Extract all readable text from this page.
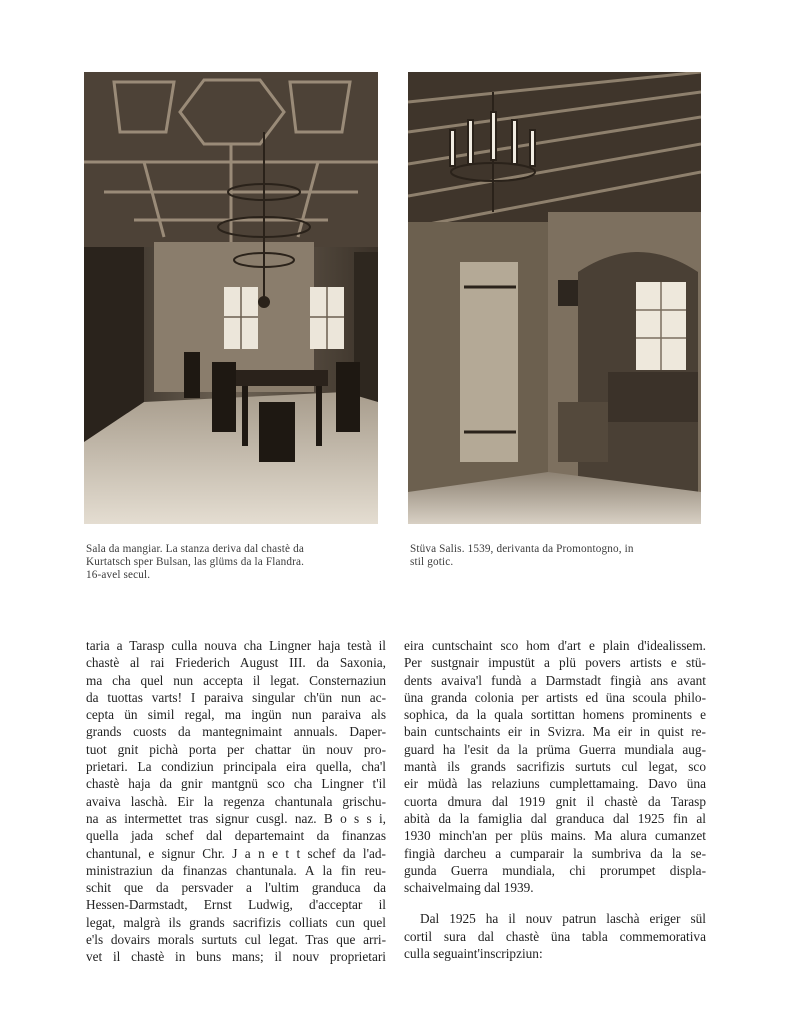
Sala da mangiar. La stanza deriva dal chastè da
Kurtatsch sper Bulsan, las glüms da la Flandra.
16-avel secul.
Stüva Salis. 1539, derivanta da Promontogno, in
stil gotic.
taria a Tarasp culla nouva cha Lingner haja testà il
chastè al rai Friederich August III. da Saxonia,
ma cha quel nun accepta il legat. Consternaziun
da tuottas varts! I paraiva singular ch'ün nun ac-
cepta ün simil regal, ma ingün nun paraiva als
grands cuosts da mantegnimaint annuals. Daper-
tuot gnit pichà porta per chattar ün nouv pro-
prietari. La condiziun principala eira quella, cha'l
chastè haja da gnir mantgnü sco cha Lingner t'il
avaiva laschà. Eir la regenza chantunala grischu-
na as intermettet tras signur cusgl. naz. B o s s i,
quella jada schef dal departemaint da finanzas
chantunal, e signur Chr. J a n e t t schef da l'ad-
ministraziun da finanzas chantunala. A la fin reu-
schit que da persvader a l'ultim granduca da
Hessen-Darmstadt, Ernst Ludwig, d'acceptar il
legat, malgrà ils grands sacrifizis colliats cun quel
e'ls dovairs morals surtuts cul legat. Tras que arri-
vet il chastè in buns mans; il nouv proprietari
eira cuntschaint sco hom d'art e plain d'idealissem.
Per sustgnair impustüt a plü povers artists e stü-
dents avaiva'l fundà a Darmstadt fingià ans avant
üna granda colonia per artists ed üna scoula philo-
sophica, da la quala sortittan homens prominents e
bain cuntschaints eir in Svizra. Ma eir in quist re-
guard ha l'esit da la prüma Guerra mundiala aug-
mantà ils grands sacrifizis surtuts cul legat, sco
eir müdà las relaziuns cumplettamaing. Davo üna
cuorta dmura dal 1919 gnit il chastè da Tarasp
abità da la famiglia dal granduca dal 1925 fin al
1930 minch'an per plüs mains. Ma alura cumanzet
fingià darcheu a cumparair la sumbriva da la se-
gunda Guerra mundiala, chi prorumpet displa-
schaivelmaing dal 1939.
Dal 1925 ha il nouv patrun laschà eriger sül
cortil sura dal chastè üna tabla commemorativa
culla seguaint'inscripziun:
